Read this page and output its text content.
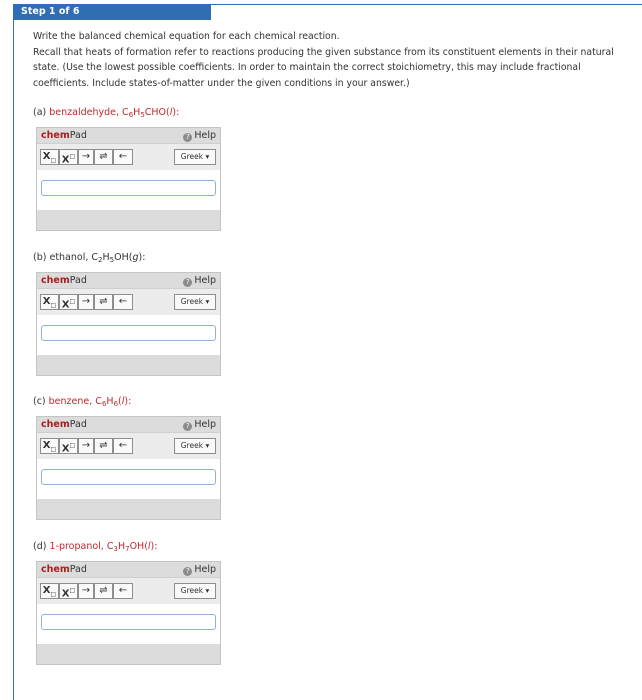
Step 1 of 6

Write the balanced chemical equation for each chemical reaction.

Recall that heats of formation refer to reactions producing the given substance from its constituent elements in their natural state. (Use the lowest possible coefficients. In order to maintain the correct stoichiometry, this may include fractional coefficients. Include states-of-matter under the given conditions in your answer.)

(a) benzaldehyde, $C_6H_5CHO(l)$:
chemPad	? Help
$X_□$ X□ → ⇌	←	Greek ▾
(b) ethanol, $C_2H_5OH(g)$:
chemPad	? Help
$X_□$ X□ → ⇌	←	Greek ▾
(c) benzene, $C_6H_6(l)$:
chemPad	? Help
$X_□$ X□ → ⇌	←	Greek ▾
(d) 1-propanol, $C_3H_7OH(l)$:
chemPad	? Help
$X_□$ X□ → ⇌	←	Greek ▾
